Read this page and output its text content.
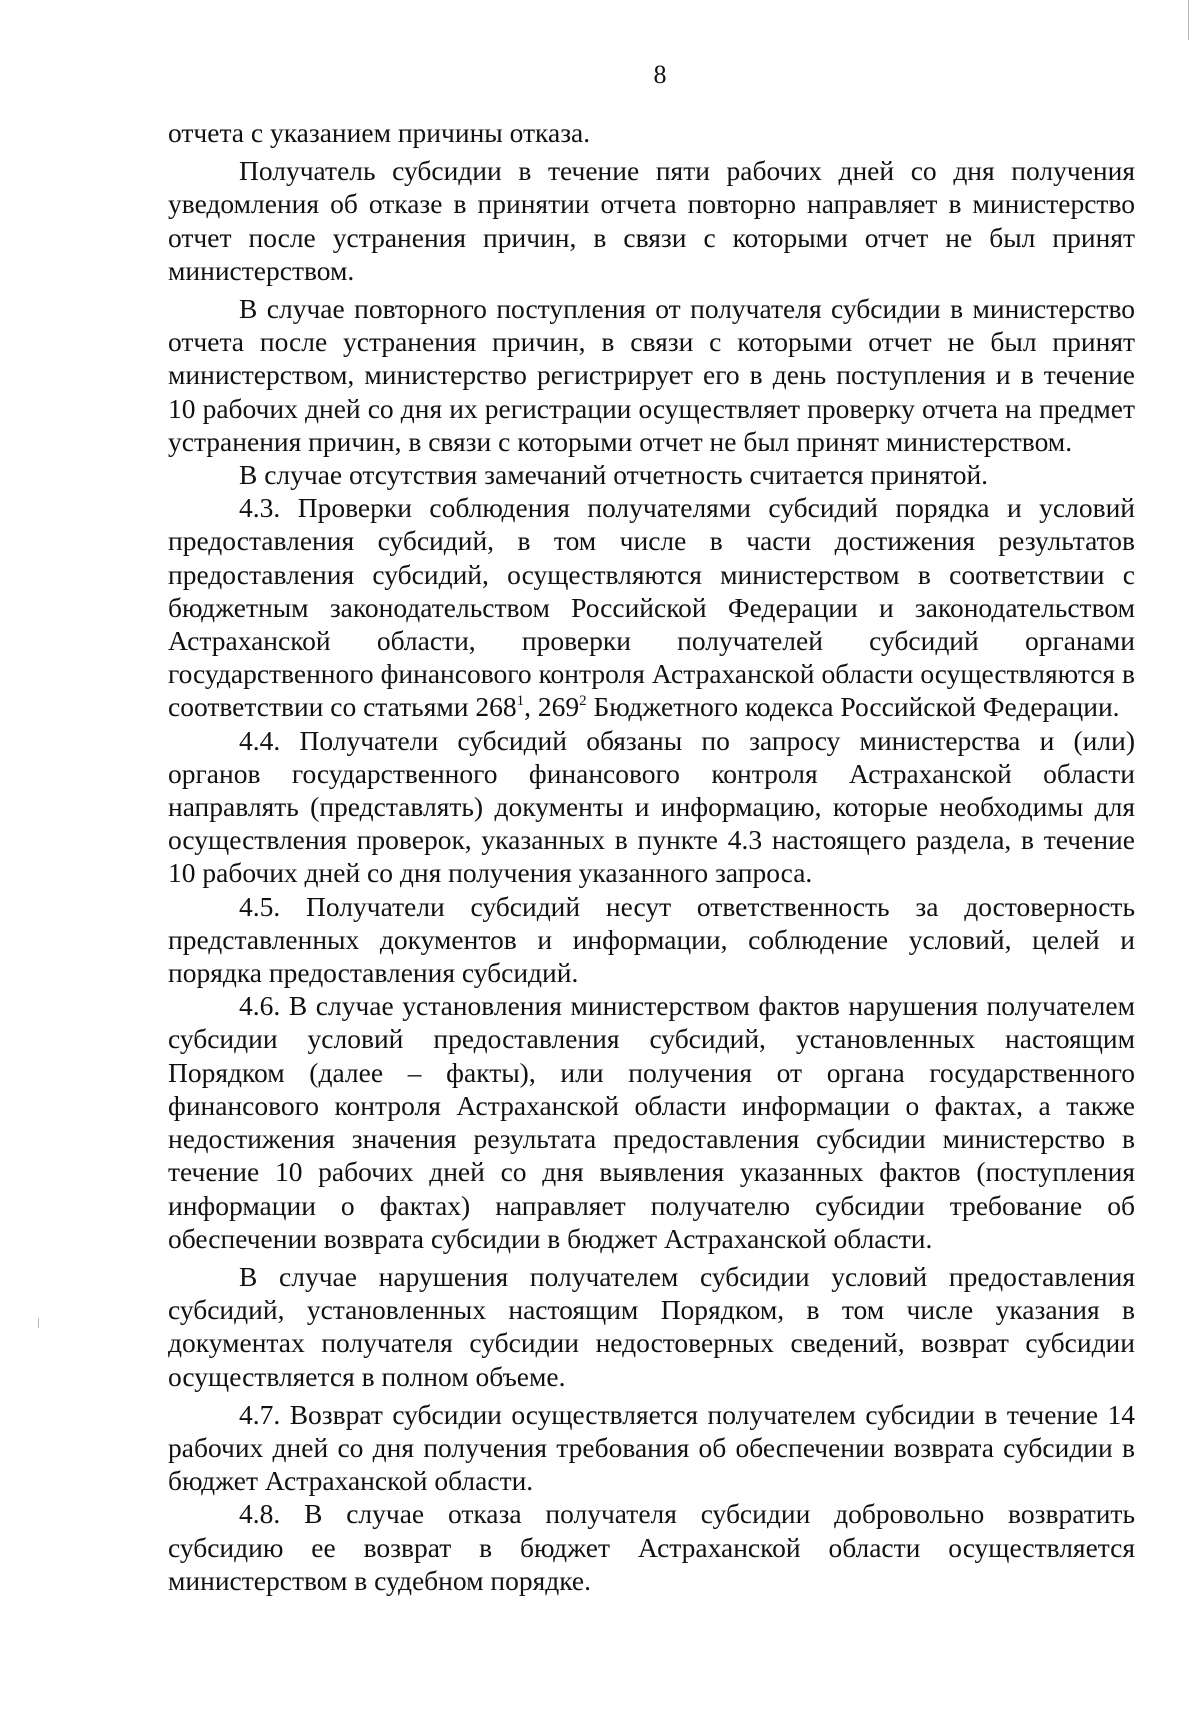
8

отчета с указанием причины отказа.

Получатель субсидии в течение пяти рабочих дней со дня получения уведомления об отказе в принятии отчета повторно направляет в министерство отчет после устранения причин, в связи с которыми отчет не был принят министерством.

В случае повторного поступления от получателя субсидии в министерство отчета после устранения причин, в связи с которыми отчет не был принят министерством, министерство регистрирует его в день поступления и в течение 10 рабочих дней со дня их регистрации осуществляет проверку отчета на предмет устранения причин, в связи с которыми отчет не был принят министерством.

В случае отсутствия замечаний отчетность считается принятой.

4.3. Проверки соблюдения получателями субсидий порядка и условий предоставления субсидий, в том числе в части достижения результатов предоставления субсидий, осуществляются министерством в соответствии с бюджетным законодательством Российской Федерации и законодательством Астраханской области, проверки получателей субсидий органами государственного финансового контроля Астраханской области осуществляются в соответствии со статьями $268^1$, $269^2$ Бюджетного кодекса Российской Федерации.

4.4. Получатели субсидий обязаны по запросу министерства и (или) органов государственного финансового контроля Астраханской области направлять (представлять) документы и информацию, которые необходимы для осуществления проверок, указанных в пункте 4.3 настоящего раздела, в течение 10 рабочих дней со дня получения указанного запроса.

4.5. Получатели субсидий несут ответственность за достоверность представленных документов и информации, соблюдение условий, целей и порядка предоставления субсидий.

4.6. В случае установления министерством фактов нарушения получателем субсидии условий предоставления субсидий, установленных настоящим Порядком (далее – факты), или получения от органа государственного финансового контроля Астраханской области информации о фактах, а также недостижения значения результата предоставления субсидии министерство в течение 10 рабочих дней со дня выявления указанных фактов (поступления информации о фактах) направляет получателю субсидии требование об обеспечении возврата субсидии в бюджет Астраханской области.

В случае нарушения получателем субсидии условий предоставления субсидий, установленных настоящим Порядком, в том числе указания в документах получателя субсидии недостоверных сведений, возврат субсидии осуществляется в полном объеме.

4.7. Возврат субсидии осуществляется получателем субсидии в течение 14 рабочих дней со дня получения требования об обеспечении возврата субсидии в бюджет Астраханской области.

4.8. В случае отказа получателя субсидии добровольно возвратить субсидию ее возврат в бюджет Астраханской области осуществляется министерством в судебном порядке.
